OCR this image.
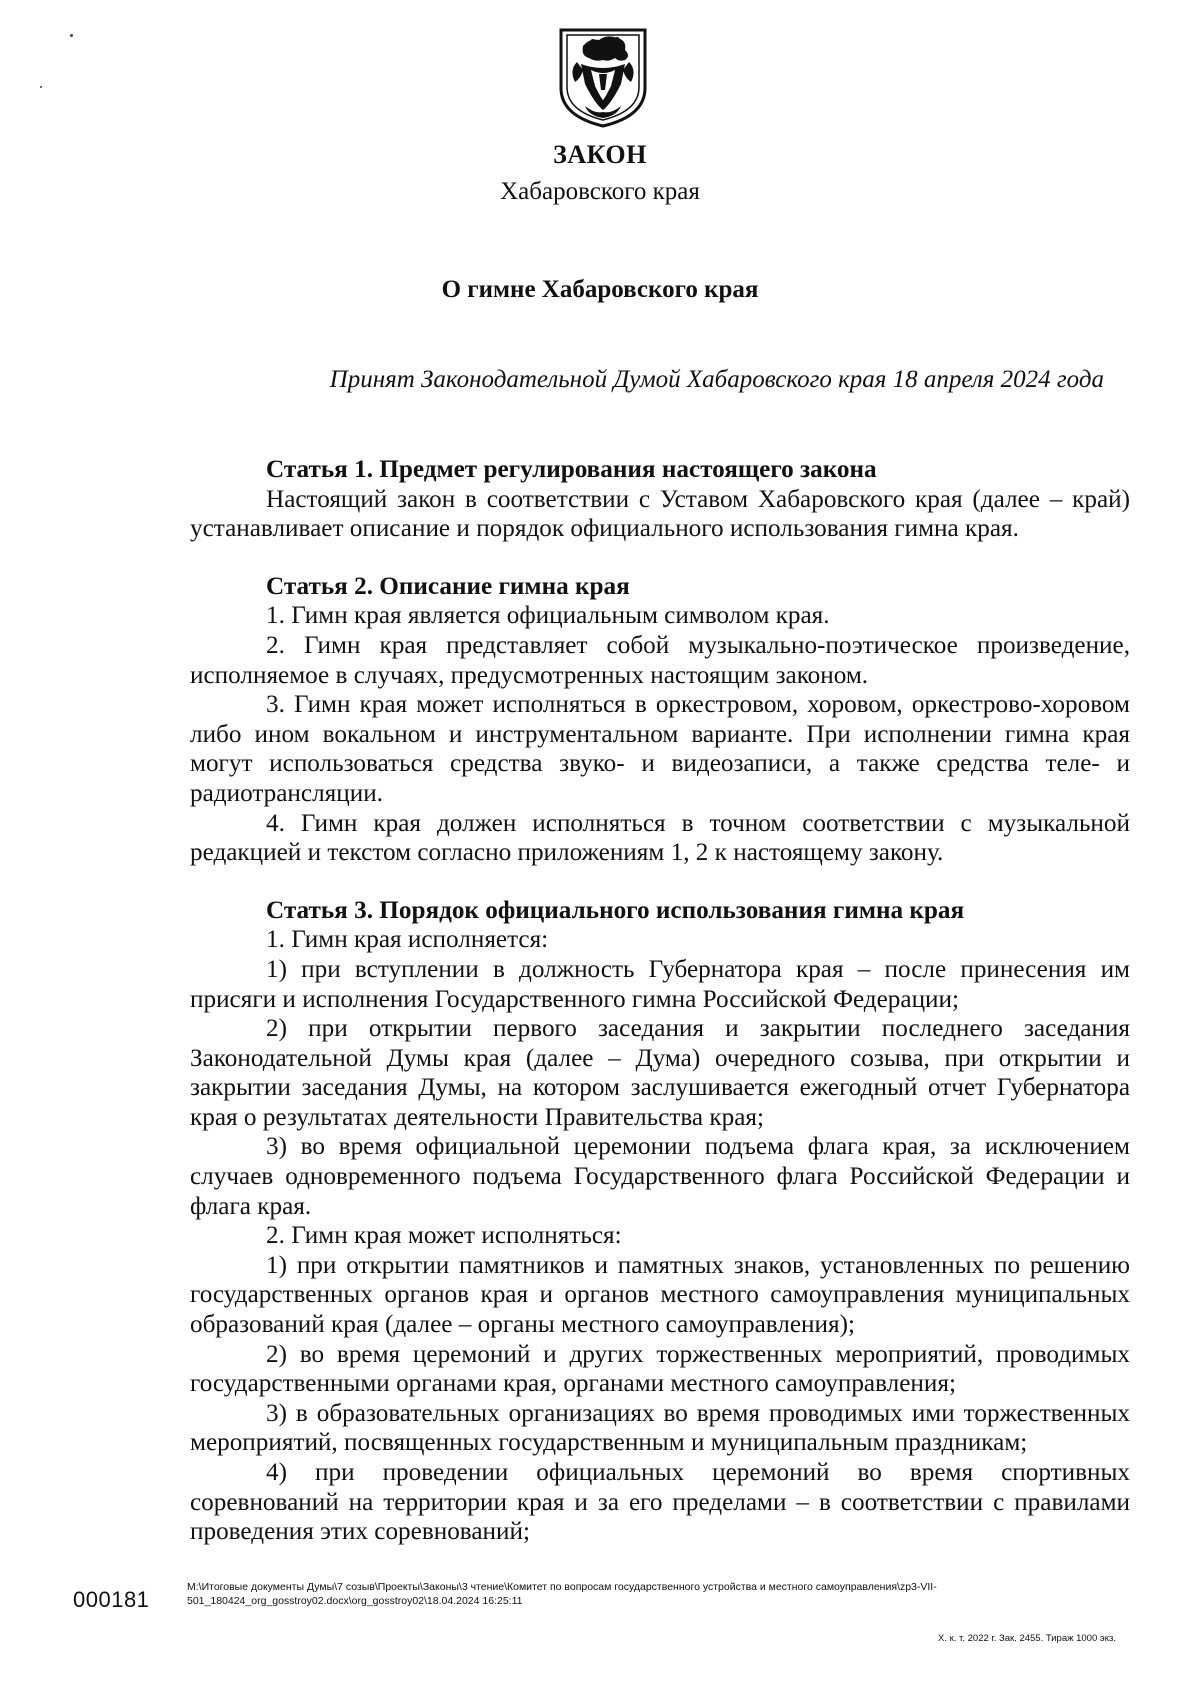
ЗАКОН
Хабаровского края
О гимне Хабаровского края
Принят Законодательной Думой Хабаровского края 18 апреля 2024 года

Статья 1. Предмет регулирования настоящего закона

Настоящий закон в соответствии с Уставом Хабаровского края (далее – край) устанавливает описание и порядок официального использования гимна края.

Статья 2. Описание гимна края

1. Гимн края является официальным символом края.

2. Гимн края представляет собой музыкально-поэтическое произведение, исполняемое в случаях, предусмотренных настоящим законом.

3. Гимн края может исполняться в оркестровом, хоровом, оркестрово-хоровом либо ином вокальном и инструментальном варианте. При исполнении гимна края могут использоваться средства звуко- и видеозаписи, а также средства теле- и радиотрансляции.

4. Гимн края должен исполняться в точном соответствии с музыкальной редакцией и текстом согласно приложениям 1, 2 к настоящему закону.

Статья 3. Порядок официального использования гимна края

1. Гимн края исполняется:

1) при вступлении в должность Губернатора края – после принесения им присяги и исполнения Государственного гимна Российской Федерации;

2) при открытии первого заседания и закрытии последнего заседания Законодательной Думы края (далее – Дума) очередного созыва, при открытии и закрытии заседания Думы, на котором заслушивается ежегодный отчет Губернатора края о результатах деятельности Правительства края;

3) во время официальной церемонии подъема флага края, за исключением случаев одновременного подъема Государственного флага Российской Федерации и флага края.

2. Гимн края может исполняться:

1) при открытии памятников и памятных знаков, установленных по решению государственных органов края и органов местного самоуправления муниципальных образований края (далее – органы местного самоуправления);

2) во время церемоний и других торжественных мероприятий, проводимых государственными органами края, органами местного самоуправления;

3) в образовательных организациях во время проводимых ими торжественных мероприятий, посвященных государственным и муниципальным праздникам;

4) при проведении официальных церемоний во время спортивных соревнований на территории края и за его пределами – в соответствии с правилами проведения этих соревнований;

000181	M:\Итоговые документы Думы\7 созыв\Проекты\Законы\3 чтение\Комитет по вопросам государственного устройства и местного самоуправления\zp3-VII-501_180424_org_gosstroy02.docx\org_gosstroy02\18.04.2024 16:25:11
Х. к. т. 2022 г. Зак. 2455. Тираж 1000 экз.
